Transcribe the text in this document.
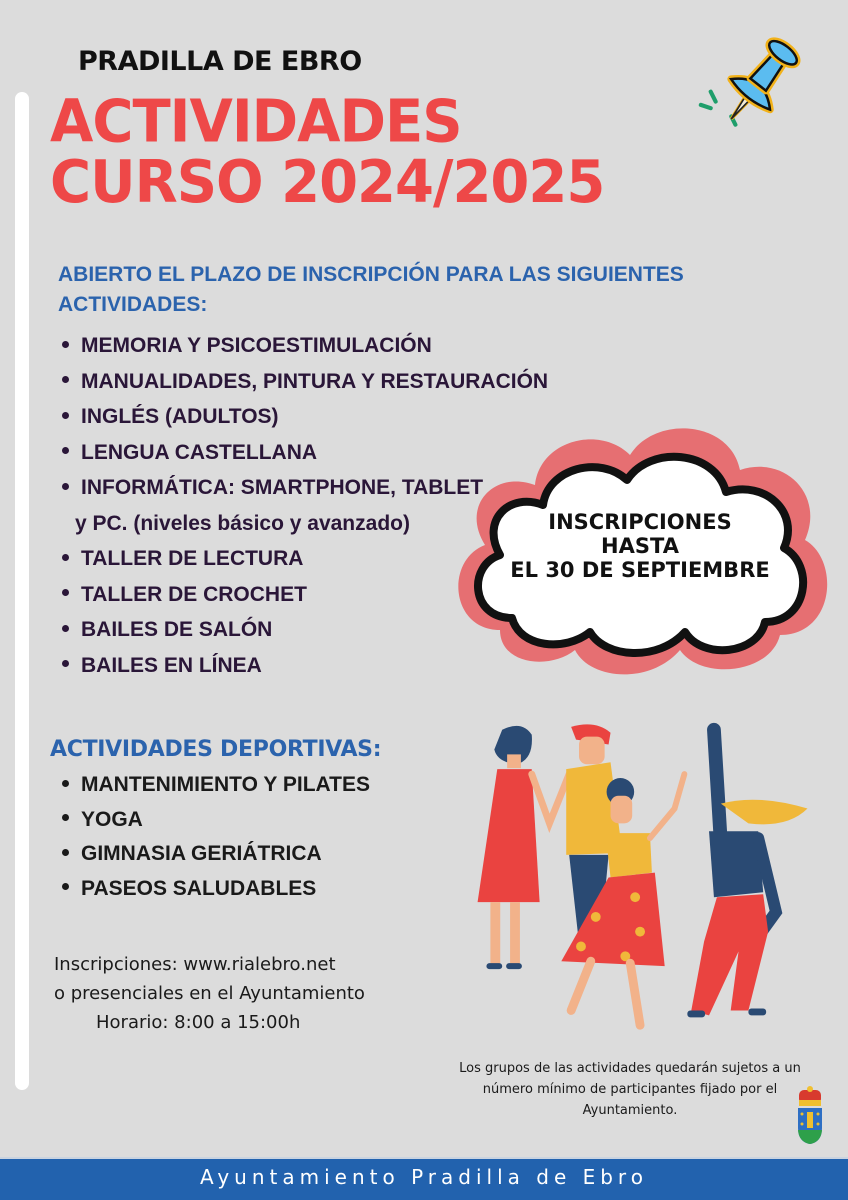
PRADILLA DE EBRO
ACTIVIDADES
CURSO 2024/2025
ABIERTO EL PLAZO DE INSCRIPCIÓN PARA LAS SIGUIENTES
ACTIVIDADES:
MEMORIA Y PSICOESTIMULACIÓN
MANUALIDADES, PINTURA Y RESTAURACIÓN
INGLÉS (ADULTOS)
LENGUA CASTELLANA
INFORMÁTICA: SMARTPHONE, TABLET
y PC. (niveles básico y avanzado)
TALLER DE LECTURA
TALLER DE CROCHET
BAILES DE SALÓN
BAILES EN LÍNEA
INSCRIPCIONES
HASTA
EL 30 DE SEPTIEMBRE
ACTIVIDADES DEPORTIVAS:
MANTENIMIENTO Y PILATES
YOGA
GIMNASIA GERIÁTRICA
PASEOS SALUDABLES
Inscripciones: www.rialebro.net
o presenciales en el Ayuntamiento
Horario: 8:00 a 15:00h
Los grupos de las actividades quedarán sujetos a un
número mínimo de participantes fijado por el
Ayuntamiento.
Ayuntamiento Pradilla de Ebro
